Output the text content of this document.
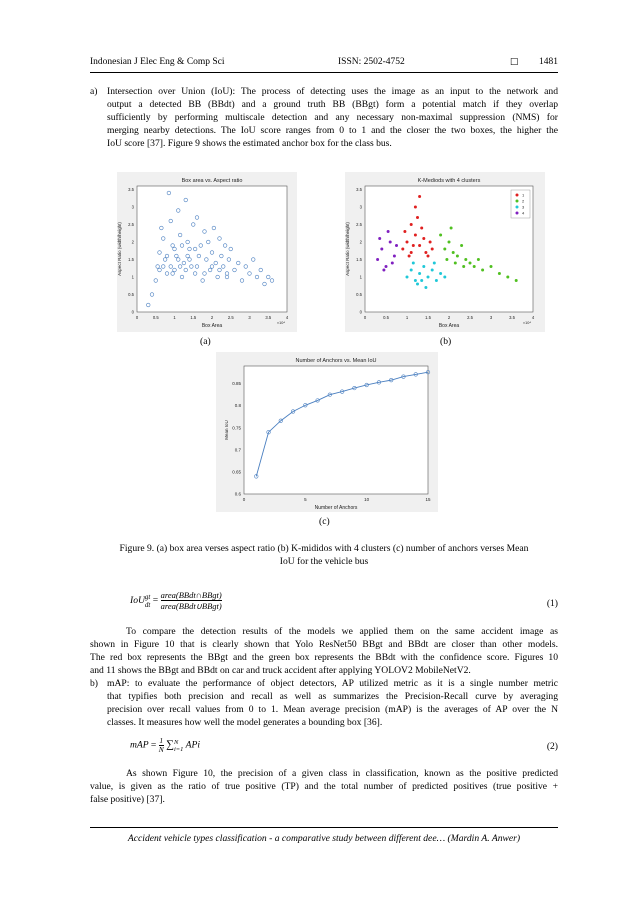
Indonesian J Elec Eng & Comp Sci	ISSN: 2502-4752	☐ 1481
a) Intersection over Union (IoU): The process of detecting uses the image as an input to the network and
output a detected BB (BBdt) and a ground truth BB (BBgt) form a potential match if they overlap
sufficiently by performing multiscale detection and any necessary non-maximal suppression (NMS) for
merging nearby detections. The IoU score ranges from 0 to 1 and the closer the two boxes, the higher the
IoU score [37]. Figure 9 shows the estimated anchor box for the class bus.
Box area vs. Aspect ratio
Box Area
Aspect Ratio (width/height)
0	0.5	1	1.5	2	2.5	3	3.5	4
0
0.5
1
1.5
2
2.5
3
3.5
×10⁴
(a)
K-Mediods with 4 clusters
Box Area
Aspect Ratio (width/height)
0	0.5	1	1.5	2	2.5	3	3.5	4
0
0.5
1
1.5
2
2.5
3
3.5
×10⁴
1
2
3
4
(b)
Number of Anchors vs. Mean IoU
Number of Anchors
Mean IoU
0	5	10	15
0.6
0.65
0.7
0.75
0.8
0.85
(c)
Figure 9. (a) box area verses aspect ratio (b) K-mididos with 4 clusters (c) number of anchors verses Mean
IoU for the vehicle bus
IoU gt
dt = area(BBdt∩BBgt)
area(BBdt∪BBgt)	(1)
To compare the detection results of the models we applied them on the same accident image as
shown in Figure 10 that is clearly shown that Yolo ResNet50 BBgt and BBdt are closer than other models.
The red box represents the BBgt and the green box represents the BBdt with the confidence score. Figures 10
and 11 shows the BBgt and BBdt on car and truck accident after applying YOLOV2 MobileNetV2.
b) mAP: to evaluate the performance of object detectors, AP utilized metric as it is a single number metric
that typifies both precision and recall as well as summarizes the Precision-Recall curve by averaging
precision over recall values from 0 to 1. Mean average precision (mAP) is the averages of AP over the N
classes. It measures how well the model generates a bounding box [36].
mAP = $\frac{1}{N}$ ∑ N
i=1 APi	(2)
As shown Figure 10, the precision of a given class in classification, known as the positive predicted
value, is given as the ratio of true positive (TP) and the total number of predicted positives (true positive +
false positive) [37].
Accident vehicle types classification - a comparative study between different dee… (Mardin A. Anwer)
